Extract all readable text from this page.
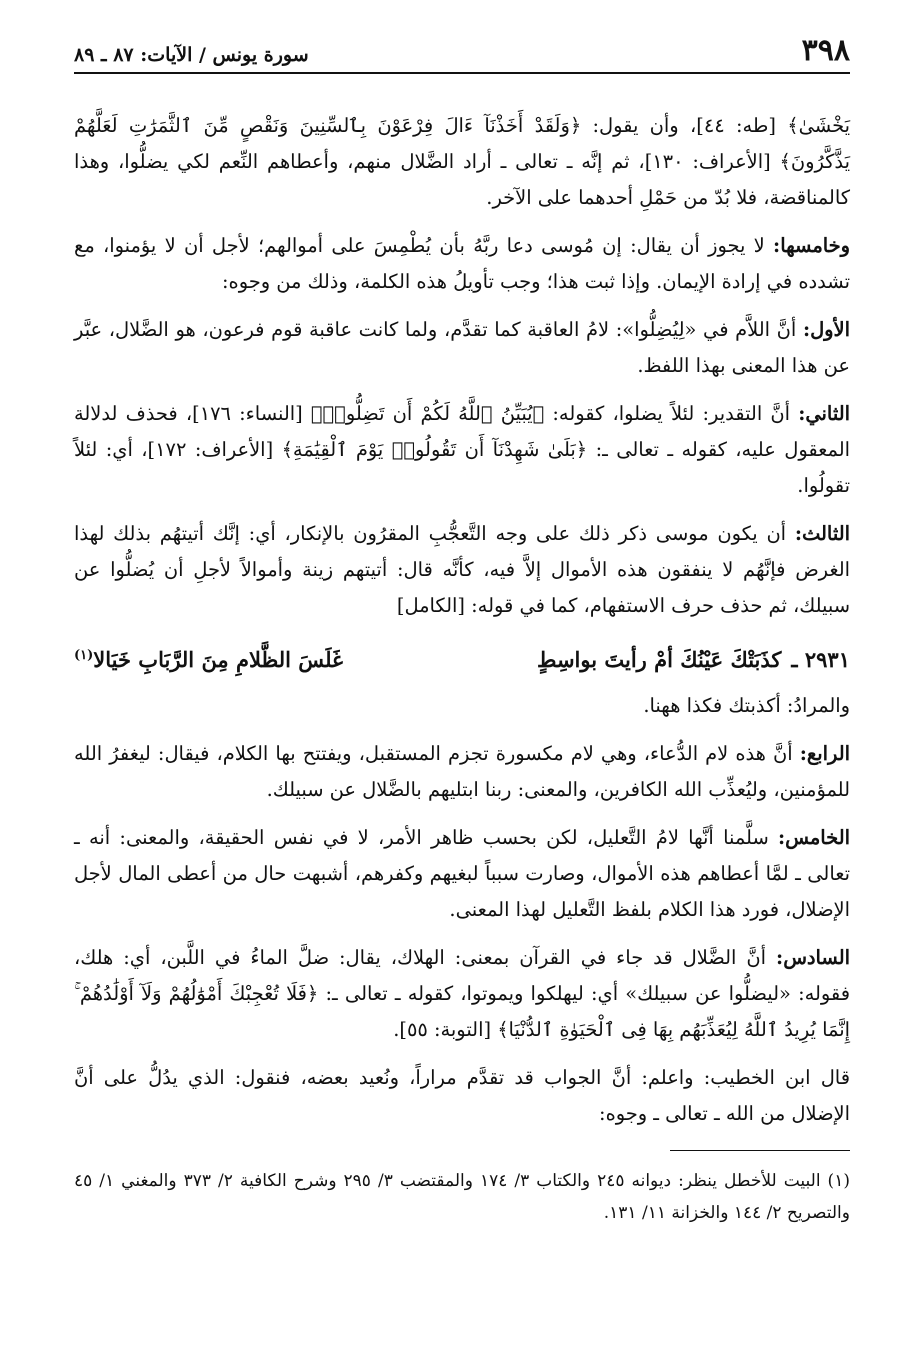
٣٩٨
سورة يونس / الآيات: ٨٧ ـ ٨٩

يَخْشَىٰ﴾ [طه: ٤٤]، وأن يقول: ﴿وَلَقَدْ أَخَذْنَآ ءَالَ فِرْعَوْنَ بِٱلسِّنِينَ وَنَقْصٍ مِّنَ ٱلثَّمَرَٰتِ لَعَلَّهُمْ يَذَّكَّرُونَ﴾ [الأعراف: ١٣٠]، ثم إنَّه ـ تعالى ـ أراد الضَّلال منهم، وأعطاهم النِّعم لكي يضلُّوا، وهذا كالمناقضة، فلا بُدّ من حَمْلِ أحدهما على الآخر.

وخامسها: لا يجوز أن يقال: إن مُوسى دعا ربَّهُ بأن يُطْمِسَ على أموالهم؛ لأجل أن لا يؤمنوا، مع تشدده في إرادة الإيمان. وإذا ثبت هذا؛ وجب تأويلُ هذه الكلمة، وذلك من وجوه:

الأول: أنَّ اللاَّم في «لِيُضِلُّوا»: لامُ العاقبة كما تقدَّم، ولما كانت عاقبة قوم فرعون، هو الضَّلال، عبَّر عن هذا المعنى بهذا اللفظ.

الثاني: أنَّ التقدير: لئلاً يضلوا، كقوله: ﴿يُبَيِّنُ ٱللَّهُ لَكُمْ أَن تَضِلُّوا۟﴾ [النساء: ١٧٦]، فحذف لدلالة المعقول عليه، كقوله ـ تعالى ـ: ﴿بَلَىٰ شَهِدْنَآ أَن تَقُولُوا۟ يَوْمَ ٱلْقِيَٰمَةِ﴾ [الأعراف: ١٧٢]، أي: لئلاً تقولُوا.

الثالث: أن يكون موسى ذكر ذلك على وجه التَّعجُّبِ المقرُون بالإنكار، أي: إنَّك أتيتهُم بذلك لهذا الغرض فإنَّهُم لا ينفقون هذه الأموال إلاَّ فيه، كأنَّه قال: أتيتهم زينة وأموالاً لأجلِ أن يُضلُّوا عن سبيلك، ثم حذف حرف الاستفهام، كما في قوله: [الكامل]

٢٩٣١ ـ
كذَبَتْكَ عَيْنُكَ أمْ رأيتَ بواسِطٍ
غَلَسَ الظَّلامِ مِنَ الرَّبَابِ خَيَالا$^{(١)}$

والمرادُ: أكذبتك فكذا ههنا.

الرابع: أنَّ هذه لام الدُّعاء، وهي لام مكسورة تجزم المستقبل، ويفتتح بها الكلام، فيقال: ليغفرُ الله للمؤمنين، وليُعذِّب الله الكافرين، والمعنى: ربنا ابتليهم بالضَّلال عن سبيلك.

الخامس: سلَّمنا أنَّها لامُ التَّعليل، لكن بحسب ظاهر الأمر، لا في نفس الحقيقة، والمعنى: أنه ـ تعالى ـ لمَّا أعطاهم هذه الأموال، وصارت سبباً لبغيهم وكفرهم، أشبهت حال من أعطى المال لأجل الإضلال، فورد هذا الكلام بلفظ التَّعليل لهذا المعنى.

السادس: أنَّ الضَّلال قد جاء في القرآن بمعنى: الهلاك، يقال: ضلَّ الماءُ في اللَّبن، أي: هلك، فقوله: «ليضلُّوا عن سبيلك» أي: ليهلكوا ويموتوا، كقوله ـ تعالى ـ: ﴿فَلَا تُعْجِبْكَ أَمْوَٰلُهُمْ وَلَآ أَوْلَٰدُهُمْ ۚ إِنَّمَا يُرِيدُ ٱللَّهُ لِيُعَذِّبَهُم بِهَا فِى ٱلْحَيَوٰةِ ٱلدُّنْيَا﴾ [التوبة: ٥٥].

قال ابن الخطيب: واعلم: أنَّ الجواب قد تقدَّم مراراً، ونُعيد بعضه، فنقول: الذي يدُلُّ على أنَّ الإضلال من الله ـ تعالى ـ وجوه:

(١) البيت للأخطل ينظر: ديوانه ٢٤٥ والكتاب ٣/ ١٧٤ والمقتضب ٣/ ٢٩٥ وشرح الكافية ٢/ ٣٧٣ والمغني ١/ ٤٥ والتصريح ٢/ ١٤٤ والخزانة ١١/ ١٣١.
